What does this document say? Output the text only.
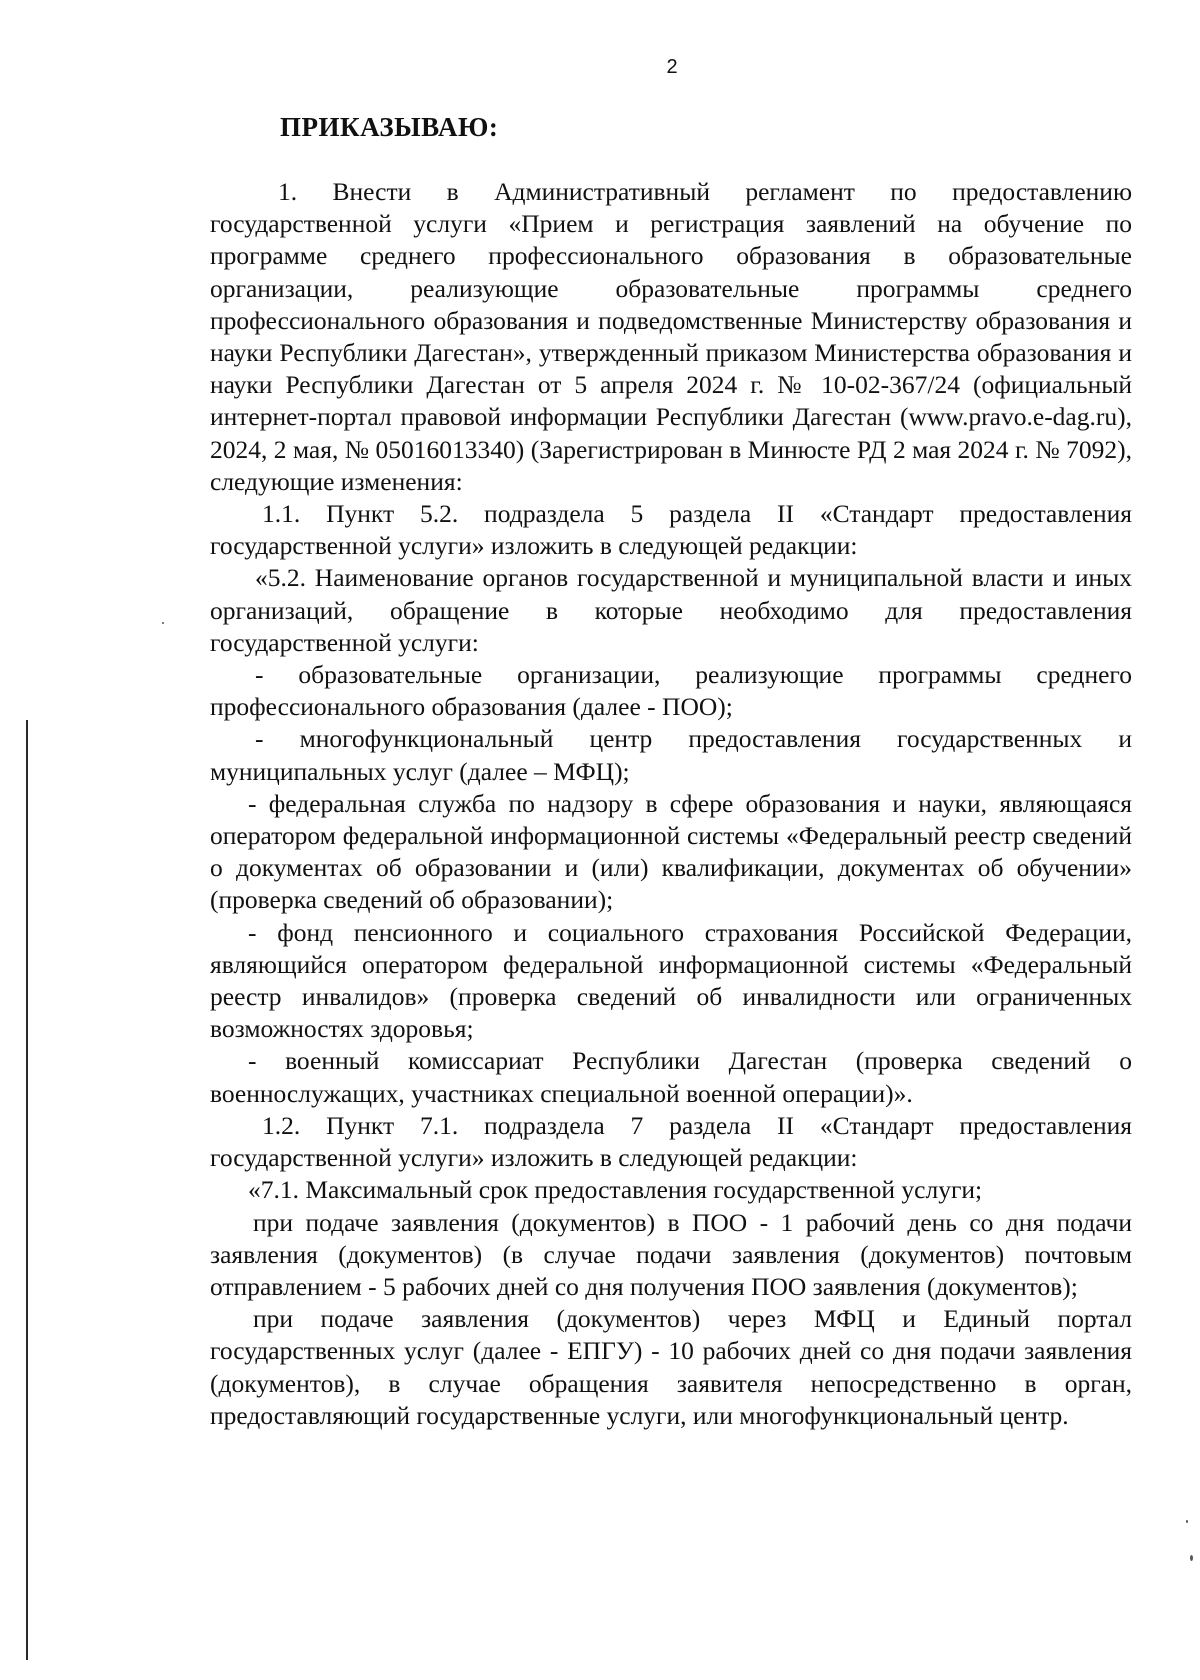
2
ПРИКАЗЫВАЮ:

1. Внести в Административный регламент по предоставлению государственной услуги «Прием и регистрация заявлений на обучение по программе среднего профессионального образования в образовательные организации, реализующие образовательные программы среднего профессионального образования и подведомственные Министерству образования и науки Республики Дагестан», утвержденный приказом Министерства образования и науки Республики Дагестан от 5 апреля 2024 г. № 10-02-367/24 (официальный интернет-портал правовой информации Республики Дагестан (www.pravo.e-dag.ru), 2024, 2 мая, № 05016013340) (Зарегистрирован в Минюсте РД 2 мая 2024 г. № 7092), следующие изменения:

1.1. Пункт 5.2. подраздела 5 раздела II «Стандарт предоставления государственной услуги» изложить в следующей редакции:

«5.2. Наименование органов государственной и муниципальной власти и иных организаций, обращение в которые необходимо для предоставления государственной услуги:

- образовательные организации, реализующие программы среднего профессионального образования (далее - ПОО);

- многофункциональный центр предоставления государственных и муниципальных услуг (далее – МФЦ);

- федеральная служба по надзору в сфере образования и науки, являющаяся оператором федеральной информационной системы «Федеральный реестр сведений о документах об образовании и (или) квалификации, документах об обучении» (проверка сведений об образовании);

- фонд пенсионного и социального страхования Российской Федерации, являющийся оператором федеральной информационной системы «Федеральный реестр инвалидов» (проверка сведений об инвалидности или ограниченных возможностях здоровья;

- военный комиссариат Республики Дагестан (проверка сведений о военнослужащих, участниках специальной военной операции)».

1.2. Пункт 7.1. подраздела 7 раздела II «Стандарт предоставления государственной услуги» изложить в следующей редакции:

«7.1. Максимальный срок предоставления государственной услуги;

при подаче заявления (документов) в ПОО - 1 рабочий день со дня подачи заявления (документов) (в случае подачи заявления (документов) почтовым отправлением - 5 рабочих дней со дня получения ПОО заявления (документов);

при подаче заявления (документов) через МФЦ и Единый портал государственных услуг (далее - ЕПГУ) - 10 рабочих дней со дня подачи заявления (документов), в случае обращения заявителя непосредственно в орган, предоставляющий государственные услуги, или многофункциональный центр.
